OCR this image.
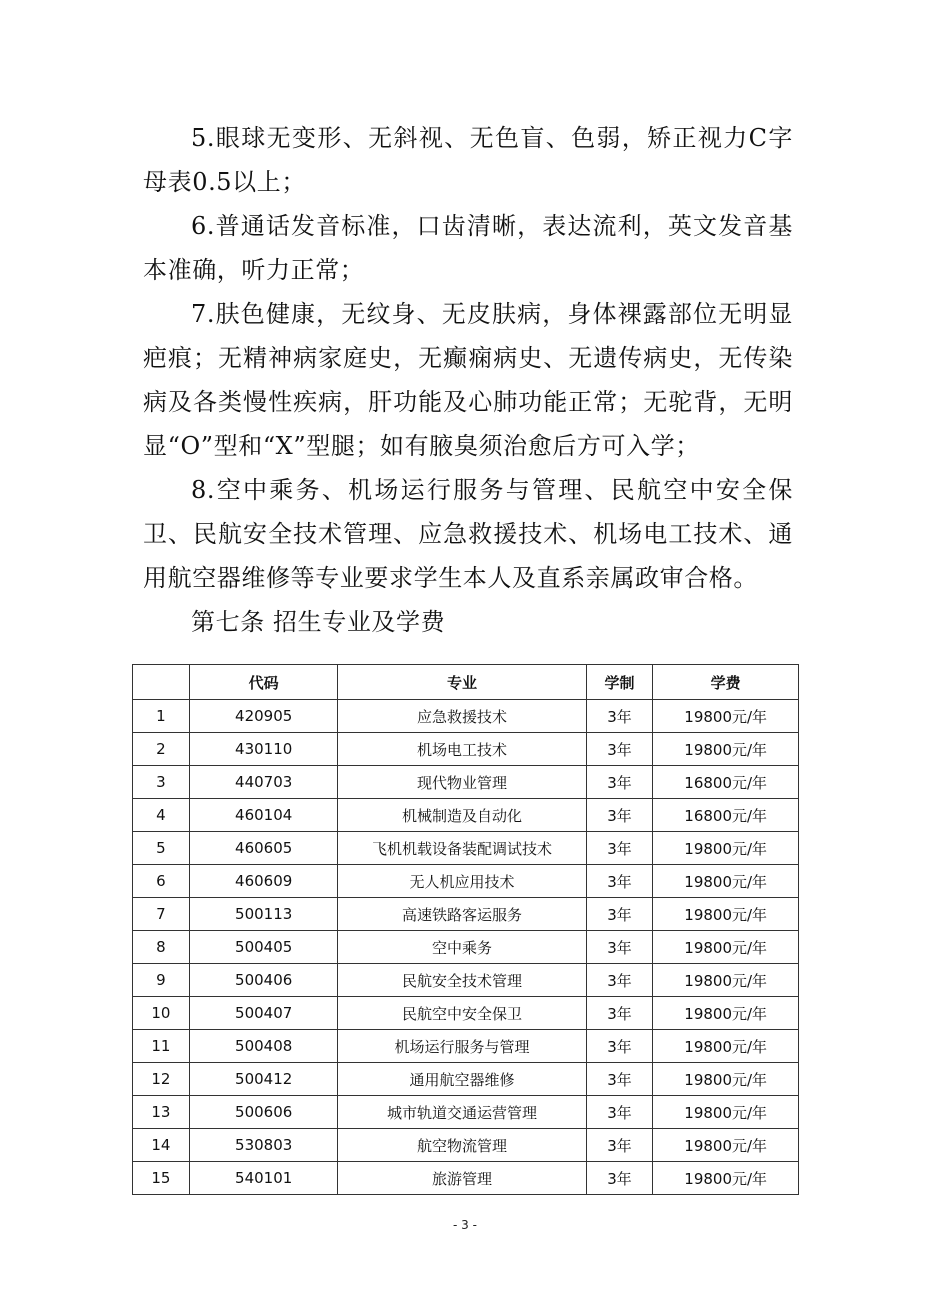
5.眼球无变形、无斜视、无色盲、色弱，矫正视力C字母表0.5以上；

6.普通话发音标准，口齿清晰，表达流利，英文发音基本准确，听力正常；

7.肤色健康，无纹身、无皮肤病，身体裸露部位无明显疤痕；无精神病家庭史，无癫痫病史、无遗传病史，无传染病及各类慢性疾病，肝功能及心肺功能正常；无驼背，无明显“O”型和“X”型腿；如有腋臭须治愈后方可入学；

8.空中乘务、机场运行服务与管理、民航空中安全保卫、民航安全技术管理、应急救援技术、机场电工技术、通用航空器维修等专业要求学生本人及直系亲属政审合格。

第七条 招生专业及学费

	代码	专业	学制	学费
1	420905	应急救援技术	3年	19800元/年
2	430110	机场电工技术	3年	19800元/年
3	440703	现代物业管理	3年	16800元/年
4	460104	机械制造及自动化	3年	16800元/年
5	460605	飞机机载设备装配调试技术	3年	19800元/年
6	460609	无人机应用技术	3年	19800元/年
7	500113	高速铁路客运服务	3年	19800元/年
8	500405	空中乘务	3年	19800元/年
9	500406	民航安全技术管理	3年	19800元/年
10	500407	民航空中安全保卫	3年	19800元/年
11	500408	机场运行服务与管理	3年	19800元/年
12	500412	通用航空器维修	3年	19800元/年
13	500606	城市轨道交通运营管理	3年	19800元/年
14	530803	航空物流管理	3年	19800元/年
15	540101	旅游管理	3年	19800元/年
- 3 -
